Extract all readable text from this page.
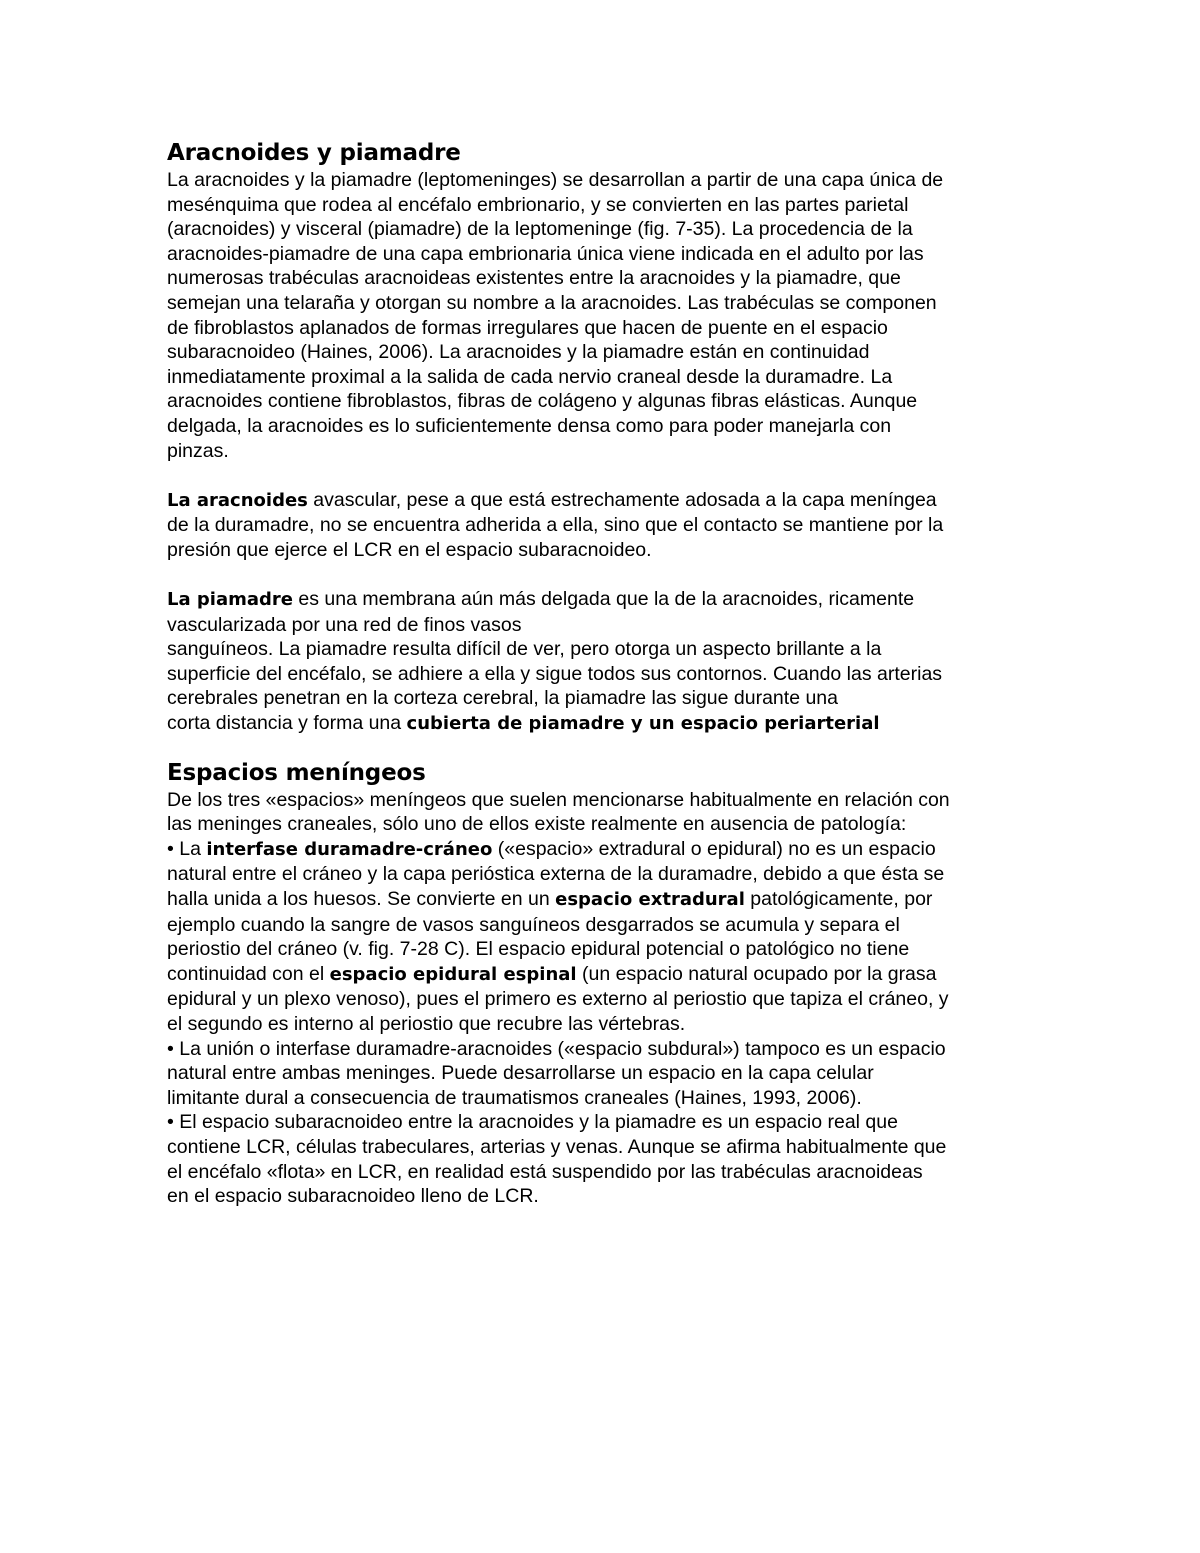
Aracnoides y piamadre
La aracnoides y la piamadre (leptomeninges) se desarrollan a partir de una capa única de
mesénquima que rodea al encéfalo embrionario, y se convierten en las partes parietal
(aracnoides) y visceral (piamadre) de la leptomeninge (fig. 7-35). La procedencia de la
aracnoides-piamadre de una capa embrionaria única viene indicada en el adulto por las
numerosas trabéculas aracnoideas existentes entre la aracnoides y la piamadre, que
semejan una telaraña y otorgan su nombre a la aracnoides. Las trabéculas se componen
de fibroblastos aplanados de formas irregulares que hacen de puente en el espacio
subaracnoideo (Haines, 2006). La aracnoides y la piamadre están en continuidad
inmediatamente proximal a la salida de cada nervio craneal desde la duramadre. La
aracnoides contiene fibroblastos, fibras de colágeno y algunas fibras elásticas. Aunque
delgada, la aracnoides es lo suficientemente densa como para poder manejarla con
pinzas.
La aracnoides avascular, pese a que está estrechamente adosada a la capa meníngea
de la duramadre, no se encuentra adherida a ella, sino que el contacto se mantiene por la
presión que ejerce el LCR en el espacio subaracnoideo.
La piamadre es una membrana aún más delgada que la de la aracnoides, ricamente
vascularizada por una red de finos vasos
sanguíneos. La piamadre resulta difícil de ver, pero otorga un aspecto brillante a la
superficie del encéfalo, se adhiere a ella y sigue todos sus contornos. Cuando las arterias
cerebrales penetran en la corteza cerebral, la piamadre las sigue durante una
corta distancia y forma una cubierta de piamadre y un espacio periarterial
Espacios meníngeos
De los tres «espacios» meníngeos que suelen mencionarse habitualmente en relación con
las meninges craneales, sólo uno de ellos existe realmente en ausencia de patología:
• La interfase duramadre-cráneo («espacio» extradural o epidural) no es un espacio
natural entre el cráneo y la capa perióstica externa de la duramadre, debido a que ésta se
halla unida a los huesos. Se convierte en un espacio extradural patológicamente, por
ejemplo cuando la sangre de vasos sanguíneos desgarrados se acumula y separa el
periostio del cráneo (v. fig. 7-28 C). El espacio epidural potencial o patológico no tiene
continuidad con el espacio epidural espinal (un espacio natural ocupado por la grasa
epidural y un plexo venoso), pues el primero es externo al periostio que tapiza el cráneo, y
el segundo es interno al periostio que recubre las vértebras.
• La unión o interfase duramadre-aracnoides («espacio subdural») tampoco es un espacio
natural entre ambas meninges. Puede desarrollarse un espacio en la capa celular
limitante dural a consecuencia de traumatismos craneales (Haines, 1993, 2006).
• El espacio subaracnoideo entre la aracnoides y la piamadre es un espacio real que
contiene LCR, células trabeculares, arterias y venas. Aunque se afirma habitualmente que
el encéfalo «flota» en LCR, en realidad está suspendido por las trabéculas aracnoideas
en el espacio subaracnoideo lleno de LCR.
